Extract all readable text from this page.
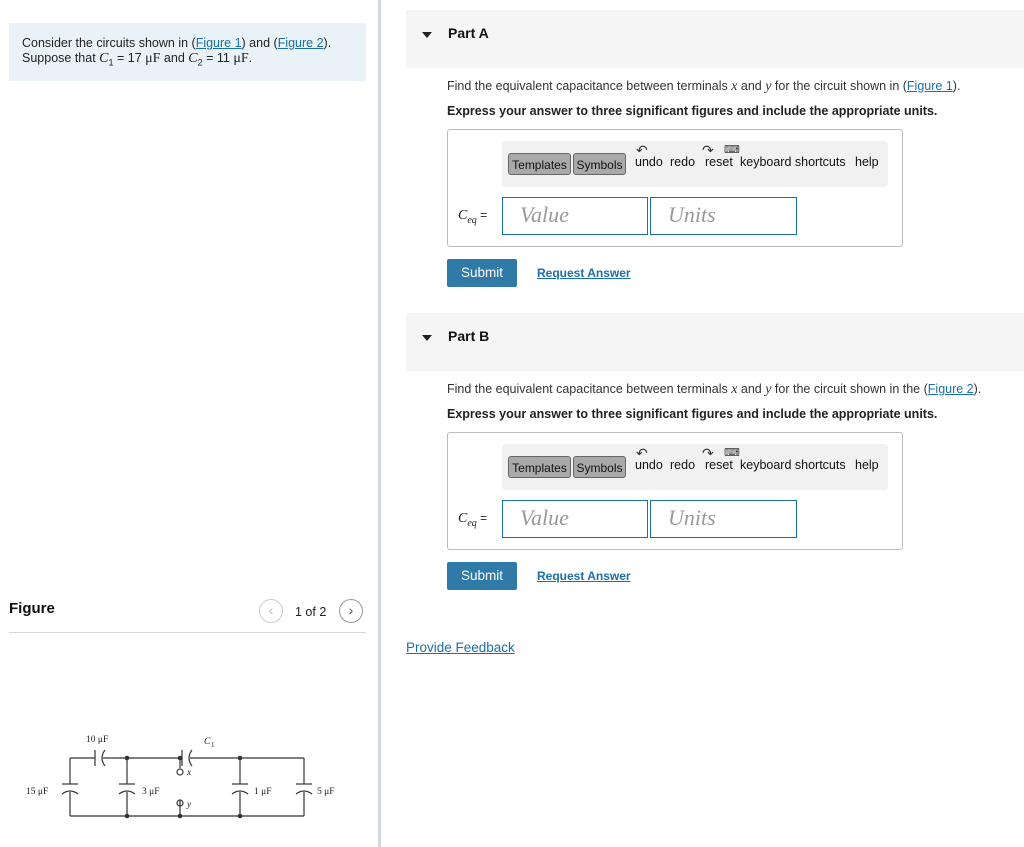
Consider the circuits shown in (Figure 1) and (Figure 2).
Suppose that $C_1 = 17$ μF and $C_2 = 11$ μF.
Figure	‹	1 of 2	›
10 μF	C 1
15 μF	3 μF	1 μF	5 μF
x
y
Part A
Find the equivalent capacitance between terminals x and y for the circuit shown in (Figure 1).
Express your answer to three significant figures and include the appropriate units.
Templates Symbols
↶
undo
↷
redo
⌨
reset keyboard shortcuts help
$C_{eq}$ =	Value	Units
Submit	Request Answer
Part B
Find the equivalent capacitance between terminals x and y for the circuit shown in the (Figure 2).
Express your answer to three significant figures and include the appropriate units.
Templates Symbols
↶
undo
↷
redo
⌨
reset keyboard shortcuts help
$C_{eq}$ =	Value	Units
Submit	Request Answer
Provide Feedback
